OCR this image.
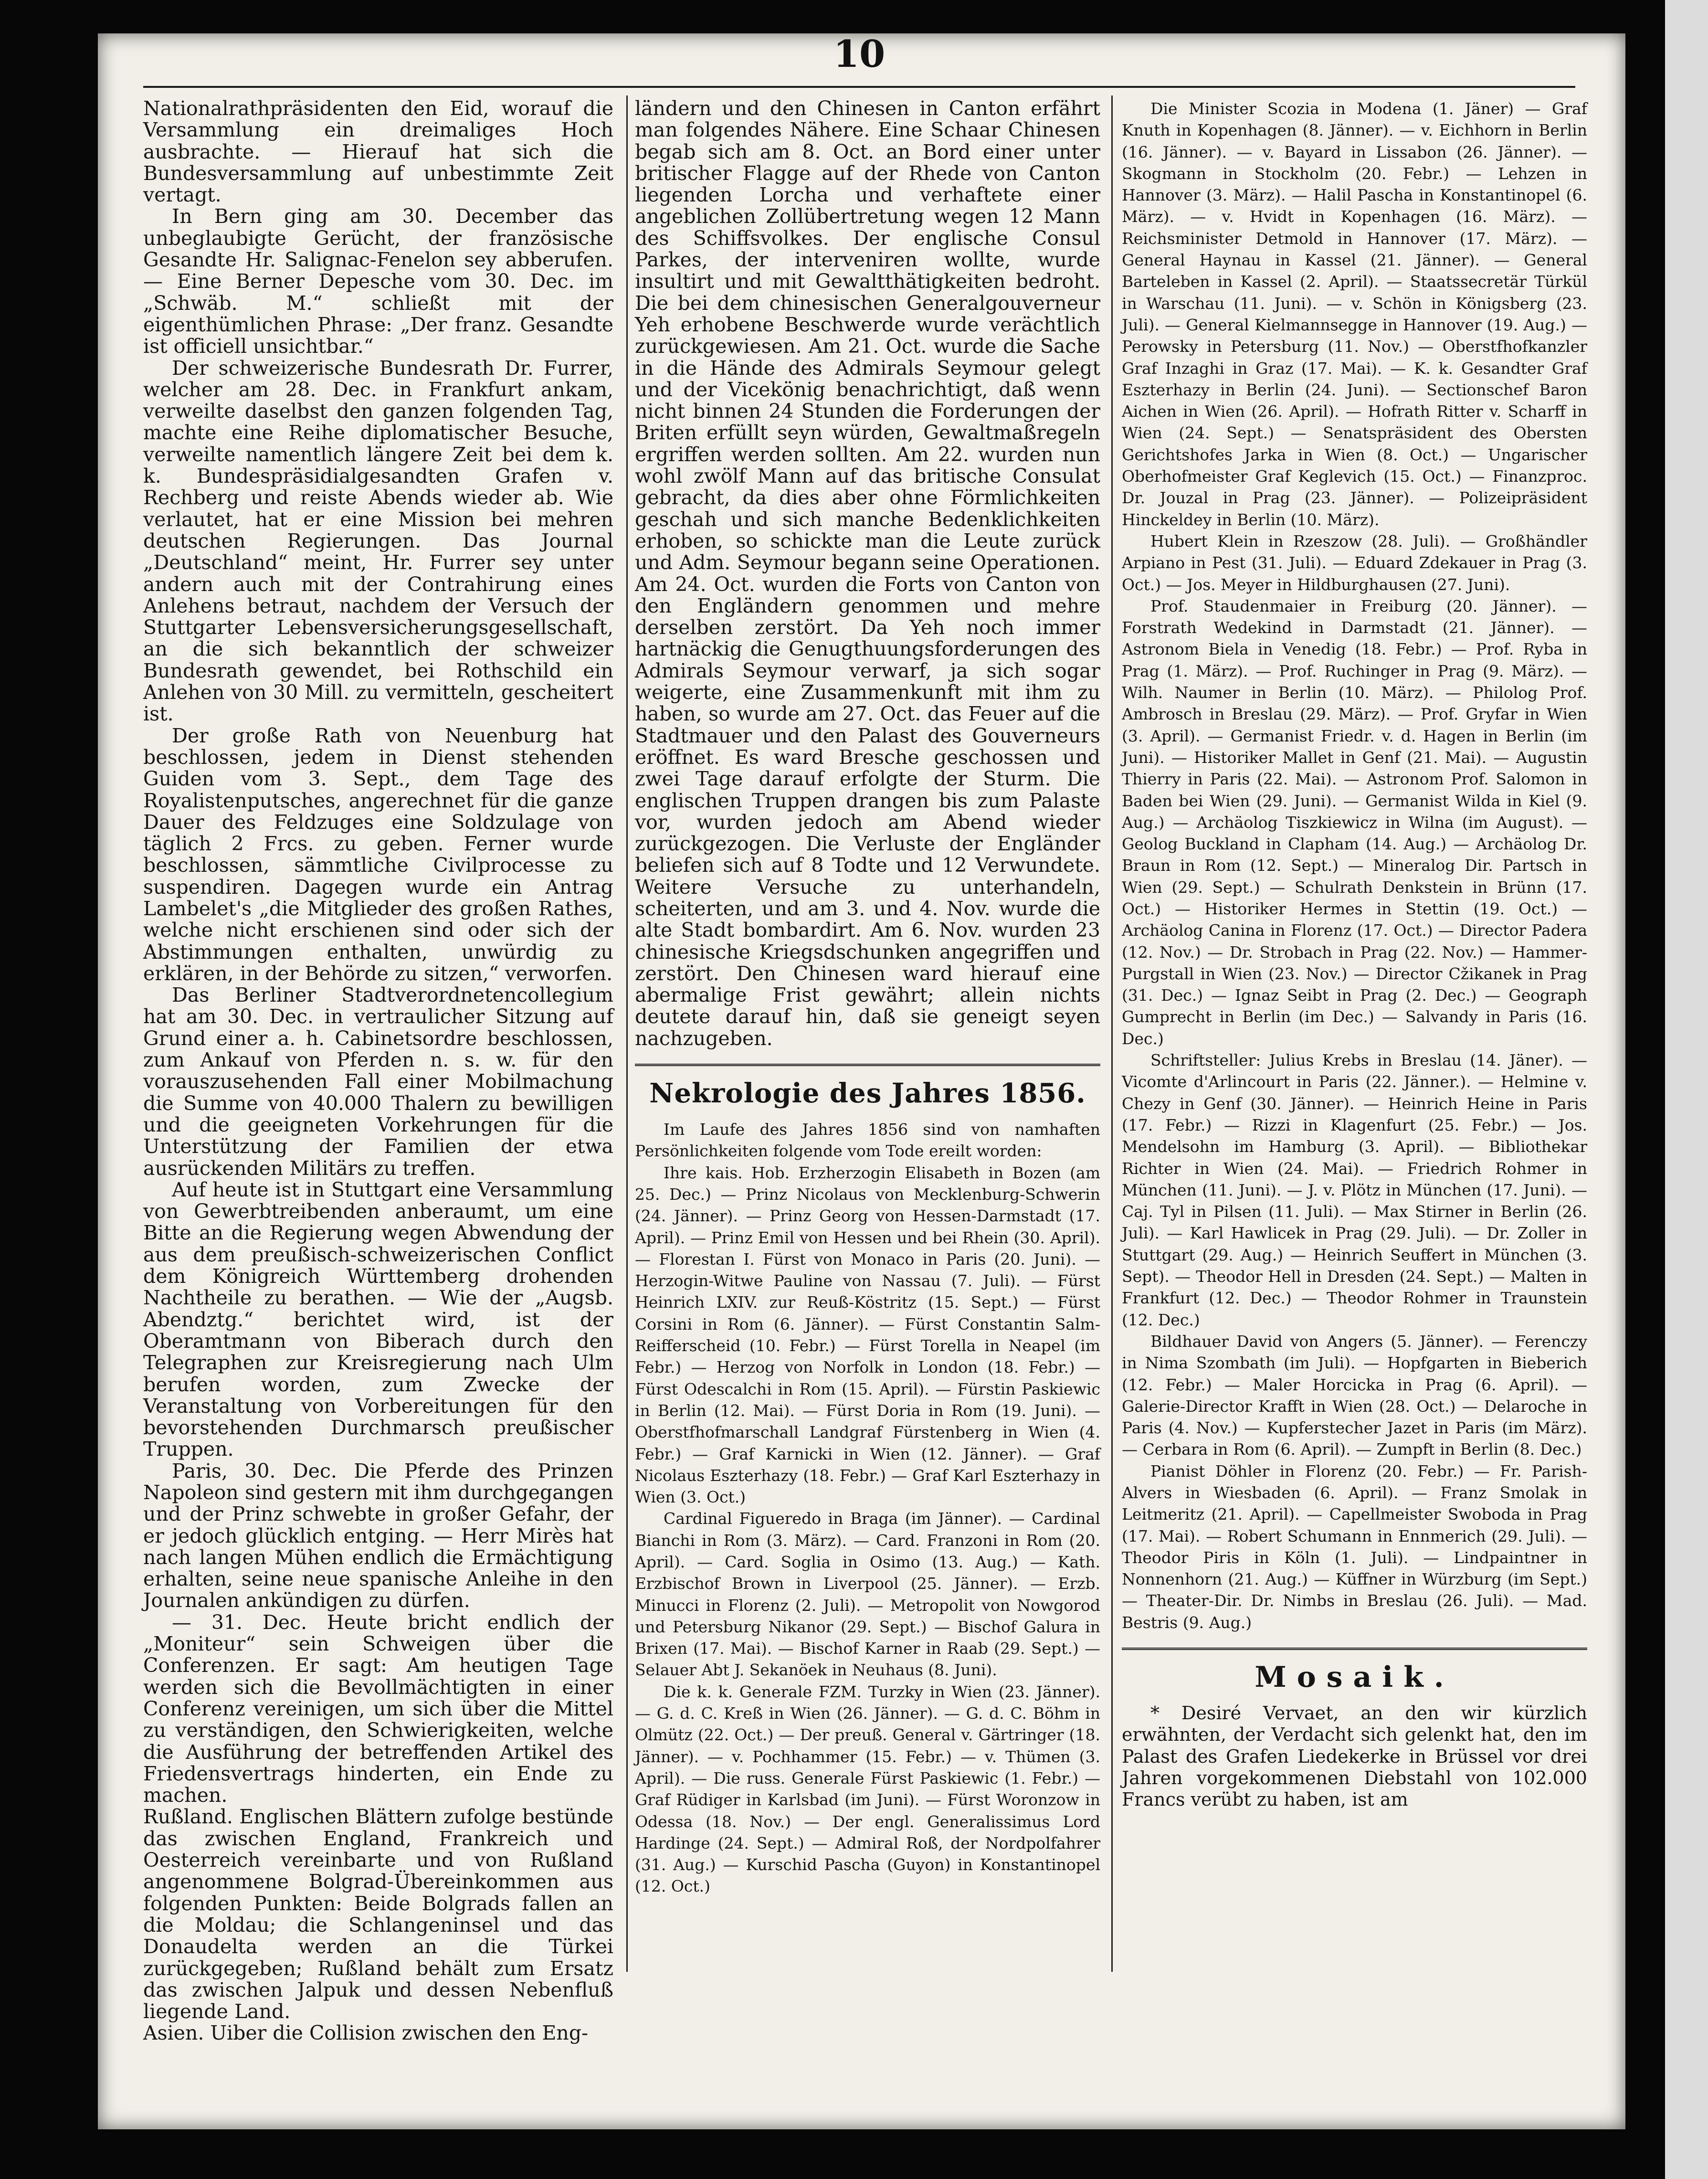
10

Nationalrathpräsidenten den Eid, worauf die Versammlung ein dreimaliges Hoch ausbrachte. — Hierauf hat sich die Bundesversammlung auf unbestimmte Zeit vertagt.

In Bern ging am 30. December das unbeglaubigte Gerücht, der französische Gesandte Hr. Salignac-Fenelon sey abberufen. — Eine Berner Depesche vom 30. Dec. im „Schwäb. M.“ schließt mit der eigenthümlichen Phrase: „Der franz. Gesandte ist officiell unsichtbar.“

Der schweizerische Bundesrath Dr. Furrer, welcher am 28. Dec. in Frankfurt ankam, verweilte daselbst den ganzen folgenden Tag, machte eine Reihe diplomatischer Besuche, verweilte namentlich längere Zeit bei dem k. k. Bundespräsidialgesandten Grafen v. Rechberg und reiste Abends wieder ab. Wie verlautet, hat er eine Mission bei mehren deutschen Regierungen. Das Journal „Deutschland“ meint, Hr. Furrer sey unter andern auch mit der Contrahirung eines Anlehens betraut, nachdem der Versuch der Stuttgarter Lebensversicherungsgesellschaft, an die sich bekanntlich der schweizer Bundesrath gewendet, bei Rothschild ein Anlehen von 30 Mill. zu vermitteln, gescheitert ist.

Der große Rath von Neuenburg hat beschlossen, jedem in Dienst stehenden Guiden vom 3. Sept., dem Tage des Royalistenputsches, angerechnet für die ganze Dauer des Feldzuges eine Soldzulage von täglich 2 Frcs. zu geben. Ferner wurde beschlossen, sämmtliche Civilprocesse zu suspendiren. Dagegen wurde ein Antrag Lambelet's „die Mitglieder des großen Rathes, welche nicht erschienen sind oder sich der Abstimmungen enthalten, unwürdig zu erklären, in der Behörde zu sitzen,“ verworfen.

Das Berliner Stadtverordnetencollegium hat am 30. Dec. in vertraulicher Sitzung auf Grund einer a. h. Cabinetsordre beschlossen, zum Ankauf von Pferden n. s. w. für den vorauszusehenden Fall einer Mobilmachung die Summe von 40.000 Thalern zu bewilligen und die geeigneten Vorkehrungen für die Unterstützung der Familien der etwa ausrückenden Militärs zu treffen.

Auf heute ist in Stuttgart eine Versammlung von Gewerbtreibenden anberaumt, um eine Bitte an die Regierung wegen Abwendung der aus dem preußisch-schweizerischen Conflict dem Königreich Württemberg drohenden Nachtheile zu berathen. — Wie der „Augsb. Abendztg.“ berichtet wird, ist der Oberamtmann von Biberach durch den Telegraphen zur Kreisregierung nach Ulm berufen worden, zum Zwecke der Veranstaltung von Vorbereitungen für den bevorstehenden Durchmarsch preußischer Truppen.

Paris, 30. Dec. Die Pferde des Prinzen Napoleon sind gestern mit ihm durchgegangen und der Prinz schwebte in großer Gefahr, der er jedoch glücklich entging. — Herr Mirès hat nach langen Mühen endlich die Ermächtigung erhalten, seine neue spanische Anleihe in den Journalen ankündigen zu dürfen.

— 31. Dec. Heute bricht endlich der „Moniteur“ sein Schweigen über die Conferenzen. Er sagt: Am heutigen Tage werden sich die Bevollmächtigten in einer Conferenz vereinigen, um sich über die Mittel zu verständigen, den Schwierigkeiten, welche die Ausführung der betreffenden Artikel des Friedensvertrags hinderten, ein Ende zu machen.

Rußland. Englischen Blättern zufolge bestünde das zwischen England, Frankreich und Oesterreich vereinbarte und von Rußland angenommene Bolgrad-Übereinkommen aus folgenden Punkten: Beide Bolgrads fallen an die Moldau; die Schlangeninsel und das Donaudelta werden an die Türkei zurückgegeben; Rußland behält zum Ersatz das zwischen Jalpuk und dessen Nebenfluß liegende Land.

Asien. Uiber die Collision zwischen den Eng-

ländern und den Chinesen in Canton erfährt man folgendes Nähere. Eine Schaar Chinesen begab sich am 8. Oct. an Bord einer unter britischer Flagge auf der Rhede von Canton liegenden Lorcha und verhaftete einer angeblichen Zollübertretung wegen 12 Mann des Schiffsvolkes. Der englische Consul Parkes, der interveniren wollte, wurde insultirt und mit Gewaltthätigkeiten bedroht. Die bei dem chinesischen Generalgouverneur Yeh erhobene Beschwerde wurde verächtlich zurückgewiesen. Am 21. Oct. wurde die Sache in die Hände des Admirals Seymour gelegt und der Vicekönig benachrichtigt, daß wenn nicht binnen 24 Stunden die Forderungen der Briten erfüllt seyn würden, Gewaltmaßregeln ergriffen werden sollten. Am 22. wurden nun wohl zwölf Mann auf das britische Consulat gebracht, da dies aber ohne Förmlichkeiten geschah und sich manche Bedenklichkeiten erhoben, so schickte man die Leute zurück und Adm. Seymour begann seine Operationen. Am 24. Oct. wurden die Forts von Canton von den Engländern genommen und mehre derselben zerstört. Da Yeh noch immer hartnäckig die Genugthuungsforderungen des Admirals Seymour verwarf, ja sich sogar weigerte, eine Zusammenkunft mit ihm zu haben, so wurde am 27. Oct. das Feuer auf die Stadtmauer und den Palast des Gouverneurs eröffnet. Es ward Bresche geschossen und zwei Tage darauf erfolgte der Sturm. Die englischen Truppen drangen bis zum Palaste vor, wurden jedoch am Abend wieder zurückgezogen. Die Verluste der Engländer beliefen sich auf 8 Todte und 12 Verwundete. Weitere Versuche zu unterhandeln, scheiterten, und am 3. und 4. Nov. wurde die alte Stadt bombardirt. Am 6. Nov. wurden 23 chinesische Kriegsdschunken angegriffen und zerstört. Den Chinesen ward hierauf eine abermalige Frist gewährt; allein nichts deutete darauf hin, daß sie geneigt seyen nachzugeben.

Nekrologie des Jahres 1856.

Im Laufe des Jahres 1856 sind von namhaften Persönlichkeiten folgende vom Tode ereilt worden:

Ihre kais. Hob. Erzherzogin Elisabeth in Bozen (am 25. Dec.) — Prinz Nicolaus von Mecklenburg-Schwerin (24. Jänner). — Prinz Georg von Hessen-Darmstadt (17. April). — Prinz Emil von Hessen und bei Rhein (30. April). — Florestan I. Fürst von Monaco in Paris (20. Juni). — Herzogin-Witwe Pauline von Nassau (7. Juli). — Fürst Heinrich LXIV. zur Reuß-Köstritz (15. Sept.) — Fürst Corsini in Rom (6. Jänner). — Fürst Constantin Salm-Reifferscheid (10. Febr.) — Fürst Torella in Neapel (im Febr.) — Herzog von Norfolk in London (18. Febr.) — Fürst Odescalchi in Rom (15. April). — Fürstin Paskiewic in Berlin (12. Mai). — Fürst Doria in Rom (19. Juni). — Oberstfhofmarschall Landgraf Fürstenberg in Wien (4. Febr.) — Graf Karnicki in Wien (12. Jänner). — Graf Nicolaus Eszterhazy (18. Febr.) — Graf Karl Eszterhazy in Wien (3. Oct.)

Cardinal Figueredo in Braga (im Jänner). — Cardinal Bianchi in Rom (3. März). — Card. Franzoni in Rom (20. April). — Card. Soglia in Osimo (13. Aug.) — Kath. Erzbischof Brown in Liverpool (25. Jänner). — Erzb. Minucci in Florenz (2. Juli). — Metropolit von Nowgorod und Petersburg Nikanor (29. Sept.) — Bischof Galura in Brixen (17. Mai). — Bischof Karner in Raab (29. Sept.) — Selauer Abt J. Sekanöek in Neuhaus (8. Juni).

Die k. k. Generale FZM. Turzky in Wien (23. Jänner). — G. d. C. Kreß in Wien (26. Jänner). — G. d. C. Böhm in Olmütz (22. Oct.) — Der preuß. General v. Gärtringer (18. Jänner). — v. Pochhammer (15. Febr.) — v. Thümen (3. April). — Die russ. Generale Fürst Paskiewic (1. Febr.) — Graf Rüdiger in Karlsbad (im Juni). — Fürst Woronzow in Odessa (18. Nov.) — Der engl. Generalissimus Lord Hardinge (24. Sept.) — Admiral Roß, der Nordpolfahrer (31. Aug.) — Kurschid Pascha (Guyon) in Konstantinopel (12. Oct.)

Die Minister Scozia in Modena (1. Jäner) — Graf Knuth in Kopenhagen (8. Jänner). — v. Eichhorn in Berlin (16. Jänner). — v. Bayard in Lissabon (26. Jänner). — Skogmann in Stockholm (20. Febr.) — Lehzen in Hannover (3. März). — Halil Pascha in Konstantinopel (6. März). — v. Hvidt in Kopenhagen (16. März). — Reichsminister Detmold in Hannover (17. März). — General Haynau in Kassel (21. Jänner). — General Barteleben in Kassel (2. April). — Staatssecretär Türkül in Warschau (11. Juni). — v. Schön in Königsberg (23. Juli). — General Kielmannsegge in Hannover (19. Aug.) — Perowsky in Petersburg (11. Nov.) — Oberstfhofkanzler Graf Inzaghi in Graz (17. Mai). — K. k. Gesandter Graf Eszterhazy in Berlin (24. Juni). — Sectionschef Baron Aichen in Wien (26. April). — Hofrath Ritter v. Scharff in Wien (24. Sept.) — Senatspräsident des Obersten Gerichtshofes Jarka in Wien (8. Oct.) — Ungarischer Oberhofmeister Graf Keglevich (15. Oct.) — Finanzproc. Dr. Jouzal in Prag (23. Jänner). — Polizeipräsident Hinckeldey in Berlin (10. März).

Hubert Klein in Rzeszow (28. Juli). — Großhändler Arpiano in Pest (31. Juli). — Eduard Zdekauer in Prag (3. Oct.) — Jos. Meyer in Hildburghausen (27. Juni).

Prof. Staudenmaier in Freiburg (20. Jänner). — Forstrath Wedekind in Darmstadt (21. Jänner). — Astronom Biela in Venedig (18. Febr.) — Prof. Ryba in Prag (1. März). — Prof. Ruchinger in Prag (9. März). — Wilh. Naumer in Berlin (10. März). — Philolog Prof. Ambrosch in Breslau (29. März). — Prof. Gryfar in Wien (3. April). — Germanist Friedr. v. d. Hagen in Berlin (im Juni). — Historiker Mallet in Genf (21. Mai). — Augustin Thierry in Paris (22. Mai). — Astronom Prof. Salomon in Baden bei Wien (29. Juni). — Germanist Wilda in Kiel (9. Aug.) — Archäolog Tiszkiewicz in Wilna (im August). — Geolog Buckland in Clapham (14. Aug.) — Archäolog Dr. Braun in Rom (12. Sept.) — Mineralog Dir. Partsch in Wien (29. Sept.) — Schulrath Denkstein in Brünn (17. Oct.) — Historiker Hermes in Stettin (19. Oct.) — Archäolog Canina in Florenz (17. Oct.) — Director Padera (12. Nov.) — Dr. Strobach in Prag (22. Nov.) — Hammer-Purgstall in Wien (23. Nov.) — Director Cžikanek in Prag (31. Dec.) — Ignaz Seibt in Prag (2. Dec.) — Geograph Gumprecht in Berlin (im Dec.) — Salvandy in Paris (16. Dec.)

Schriftsteller: Julius Krebs in Breslau (14. Jäner). — Vicomte d'Arlincourt in Paris (22. Jänner.). — Helmine v. Chezy in Genf (30. Jänner). — Heinrich Heine in Paris (17. Febr.) — Rizzi in Klagenfurt (25. Febr.) — Jos. Mendelsohn im Hamburg (3. April). — Bibliothekar Richter in Wien (24. Mai). — Friedrich Rohmer in München (11. Juni). — J. v. Plötz in München (17. Juni). — Caj. Tyl in Pilsen (11. Juli). — Max Stirner in Berlin (26. Juli). — Karl Hawlicek in Prag (29. Juli). — Dr. Zoller in Stuttgart (29. Aug.) — Heinrich Seuffert in München (3. Sept). — Theodor Hell in Dresden (24. Sept.) — Malten in Frankfurt (12. Dec.) — Theodor Rohmer in Traunstein (12. Dec.)

Bildhauer David von Angers (5. Jänner). — Ferenczy in Nima Szombath (im Juli). — Hopfgarten in Bieberich (12. Febr.) — Maler Horcicka in Prag (6. April). — Galerie-Director Krafft in Wien (28. Oct.) — Delaroche in Paris (4. Nov.) — Kupferstecher Jazet in Paris (im März). — Cerbara in Rom (6. April). — Zumpft in Berlin (8. Dec.)

Pianist Döhler in Florenz (20. Febr.) — Fr. Parish-Alvers in Wiesbaden (6. April). — Franz Smolak in Leitmeritz (21. April). — Capellmeister Swoboda in Prag (17. Mai). — Robert Schumann in Ennmerich (29. Juli). — Theodor Piris in Köln (1. Juli). — Lindpaintner in Nonnenhorn (21. Aug.) — Küffner in Würzburg (im Sept.) — Theater-Dir. Dr. Nimbs in Breslau (26. Juli). — Mad. Bestris (9. Aug.)

Mosaik.

* Desiré Vervaet, an den wir kürzlich erwähnten, der Verdacht sich gelenkt hat, den im Palast des Grafen Liedekerke in Brüssel vor drei Jahren vorgekommenen Diebstahl von 102.000 Francs verübt zu haben, ist am
